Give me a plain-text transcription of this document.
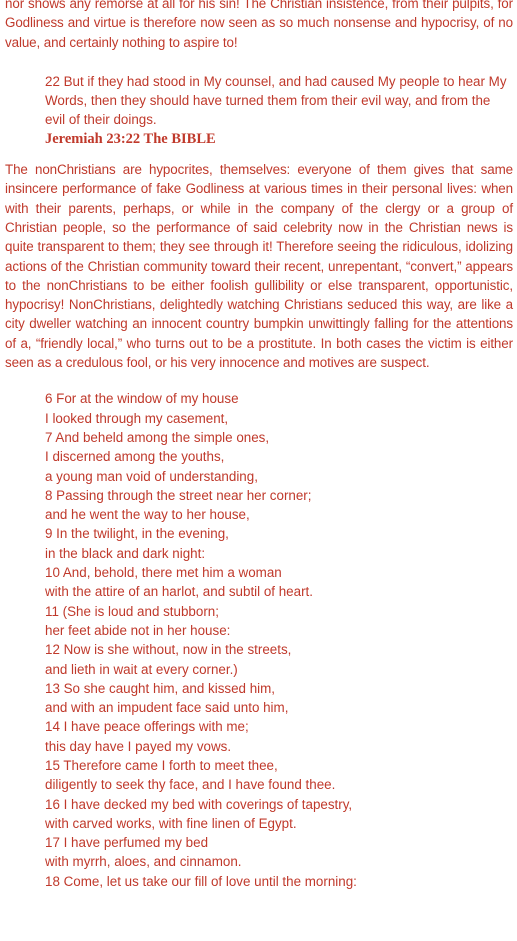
nor shows any remorse at all for his sin! The Christian insistence, from their pulpits, for Godliness and virtue is therefore now seen as so much nonsense and hypocrisy, of no value, and certainly nothing to aspire to!

22 But if they had stood in My counsel, and had caused My people to hear My Words, then they should have turned them from their evil way, and from the evil of their doings.

Jeremiah 23:22 The BIBLE

The nonChristians are hypocrites, themselves: everyone of them gives that same insincere performance of fake Godliness at various times in their personal lives: when with their parents, perhaps, or while in the company of the clergy or a group of Christian people, so the performance of said celebrity now in the Christian news is quite transparent to them; they see through it! Therefore seeing the ridiculous, idolizing actions of the Christian community toward their recent, unrepentant, “convert,” appears to the nonChristians to be either foolish gullibility or else transparent, opportunistic, hypocrisy! NonChristians, delightedly watching Christians seduced this way, are like a city dweller watching an innocent country bumpkin unwittingly falling for the attentions of a, “friendly local,” who turns out to be a prostitute. In both cases the victim is either seen as a credulous fool, or his very innocence and motives are suspect.

6 For at the window of my house
I looked through my casement,
7 And beheld among the simple ones,
I discerned among the youths,
a young man void of understanding,
8 Passing through the street near her corner;
and he went the way to her house,
9 In the twilight, in the evening,
in the black and dark night:
10 And, behold, there met him a woman
with the attire of an harlot, and subtil of heart.
11 (She is loud and stubborn;
her feet abide not in her house:
12 Now is she without, now in the streets,
and lieth in wait at every corner.)
13 So she caught him, and kissed him,
and with an impudent face said unto him,
14 I have peace offerings with me;
this day have I payed my vows.
15 Therefore came I forth to meet thee,
diligently to seek thy face, and I have found thee.
16 I have decked my bed with coverings of tapestry,
with carved works, with fine linen of Egypt.
17 I have perfumed my bed
with myrrh, aloes, and cinnamon.
18 Come, let us take our fill of love until the morning:
